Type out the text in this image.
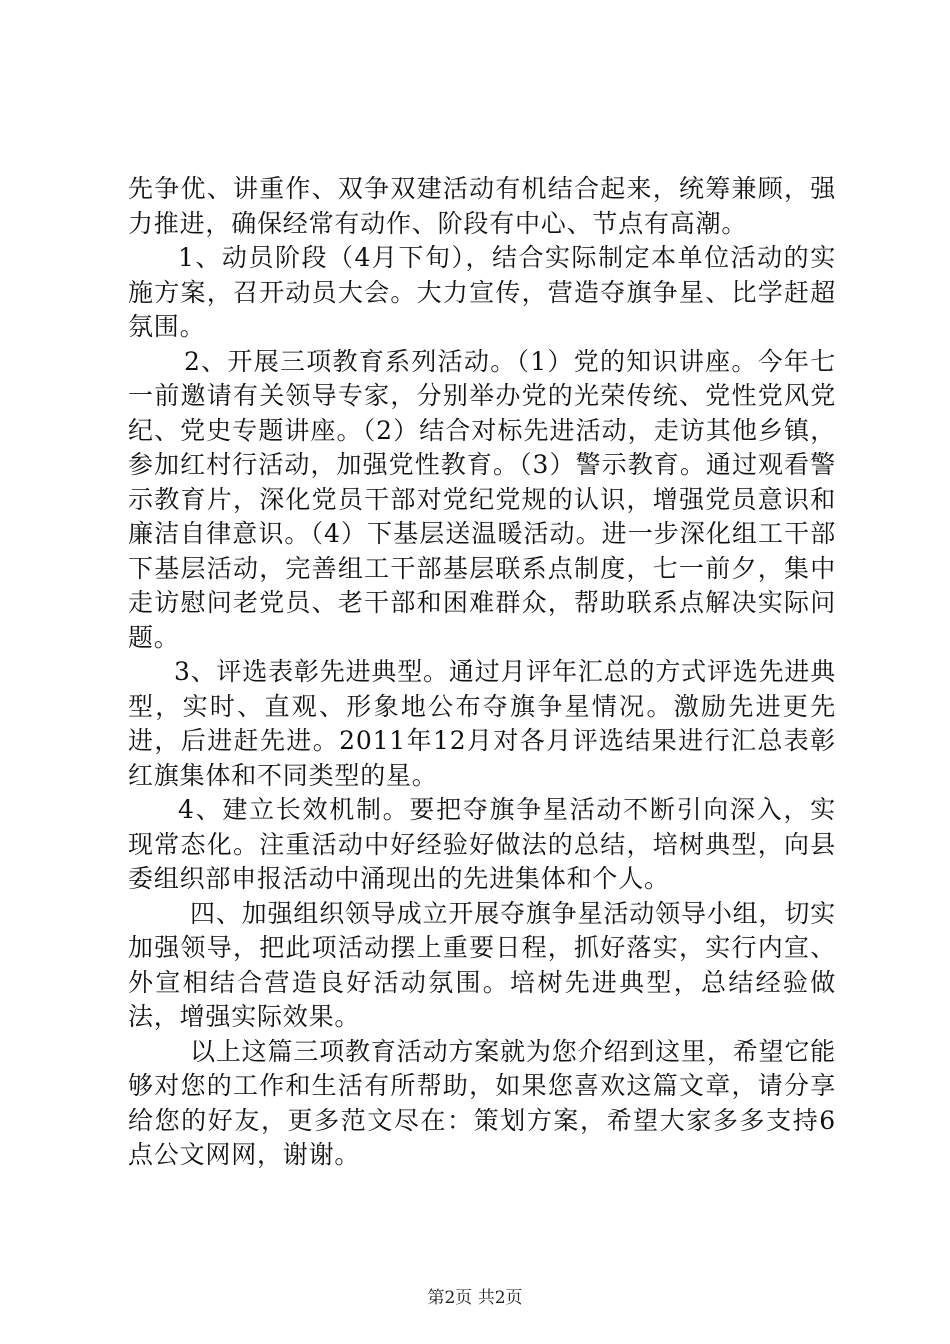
先争优、讲重作、双争双建活动有机结合起来，统筹兼顾，强力推进，确保经常有动作、阶段有中心、节点有高潮。

1、动员阶段（4月下旬），结合实际制定本单位活动的实施方案，召开动员大会。大力宣传，营造夺旗争星、比学赶超氛围。

2、开展三项教育系列活动。（1）党的知识讲座。今年七一前邀请有关领导专家，分别举办党的光荣传统、党性党风党纪、党史专题讲座。（2）结合对标先进活动，走访其他乡镇，参加红村行活动，加强党性教育。（3）警示教育。通过观看警示教育片，深化党员干部对党纪党规的认识，增强党员意识和廉洁自律意识。（4）下基层送温暖活动。进一步深化组工干部下基层活动，完善组工干部基层联系点制度，七一前夕，集中走访慰问老党员、老干部和困难群众，帮助联系点解决实际问题。

3、评选表彰先进典型。通过月评年汇总的方式评选先进典型，实时、直观、形象地公布夺旗争星情况。激励先进更先进，后进赶先进。2011年12月对各月评选结果进行汇总表彰红旗集体和不同类型的星。

4、建立长效机制。要把夺旗争星活动不断引向深入，实现常态化。注重活动中好经验好做法的总结，培树典型，向县委组织部申报活动中涌现出的先进集体和个人。

四、加强组织领导成立开展夺旗争星活动领导小组，切实加强领导，把此项活动摆上重要日程，抓好落实，实行内宣、外宣相结合营造良好活动氛围。培树先进典型，总结经验做法，增强实际效果。

以上这篇三项教育活动方案就为您介绍到这里，希望它能够对您的工作和生活有所帮助，如果您喜欢这篇文章，请分享给您的好友，更多范文尽在：策划方案，希望大家多多支持6点公文网网，谢谢。

第2页 共2页
